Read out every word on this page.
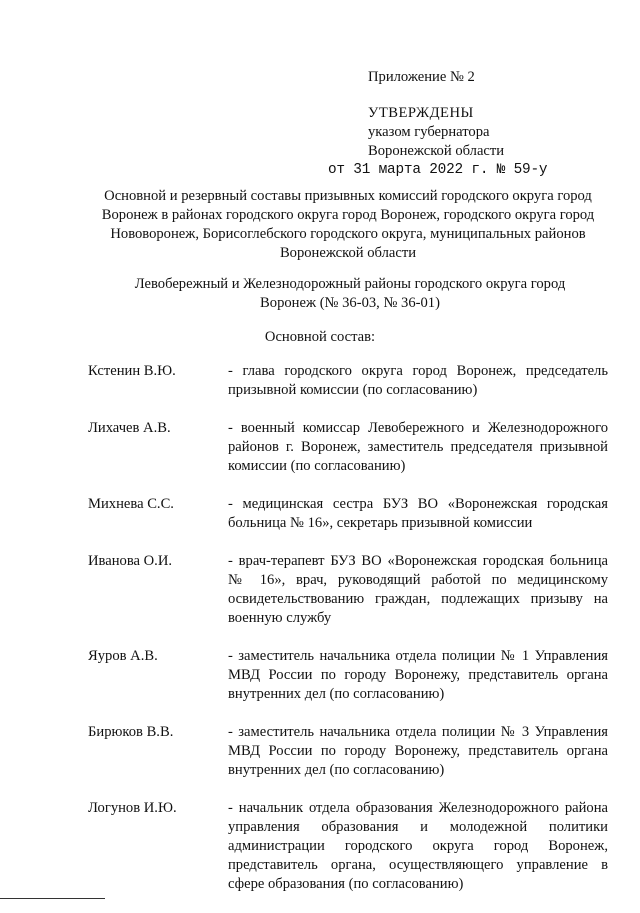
Приложение № 2
УТВЕРЖДЕНЫ
указом губернатора
Воронежской области
от 31 марта 2022 г. № 59-у
Основной и резервный составы призывных комиссий городского округа город Воронеж в районах городского округа город Воронеж, городского округа город Нововоронеж, Борисоглебского городского округа, муниципальных районов Воронежской области
Левобережный и Железнодорожный районы городского округа город Воронеж (№ 36-03, № 36-01)
Основной состав:
Кстенин В.Ю.	- глава городского округа город Воронеж, председатель призывной комиссии (по согласованию)
Лихачев А.В.	- военный комиссар Левобережного и Железнодорожного районов г. Воронеж, заместитель председателя призывной комиссии (по согласованию)
Михнева С.С.	- медицинская сестра БУЗ ВО «Воронежская городская больница № 16», секретарь призывной комиссии
Иванова О.И.	- врач-терапевт БУЗ ВО «Воронежская городская больница № 16», врач, руководящий работой по медицинскому освидетельствованию граждан, подлежащих призыву на военную службу
Яуров А.В.	- заместитель начальника отдела полиции № 1 Управления МВД России по городу Воронежу, представитель органа внутренних дел (по согласованию)
Бирюков В.В.	- заместитель начальника отдела полиции № 3 Управления МВД России по городу Воронежу, представитель органа внутренних дел (по согласованию)
Логунов И.Ю.	- начальник отдела образования Железнодорожного района управления образования и молодежной политики администрации городского округа город Воронеж, представитель органа, осуществляющего управление в сфере образования (по согласованию)
